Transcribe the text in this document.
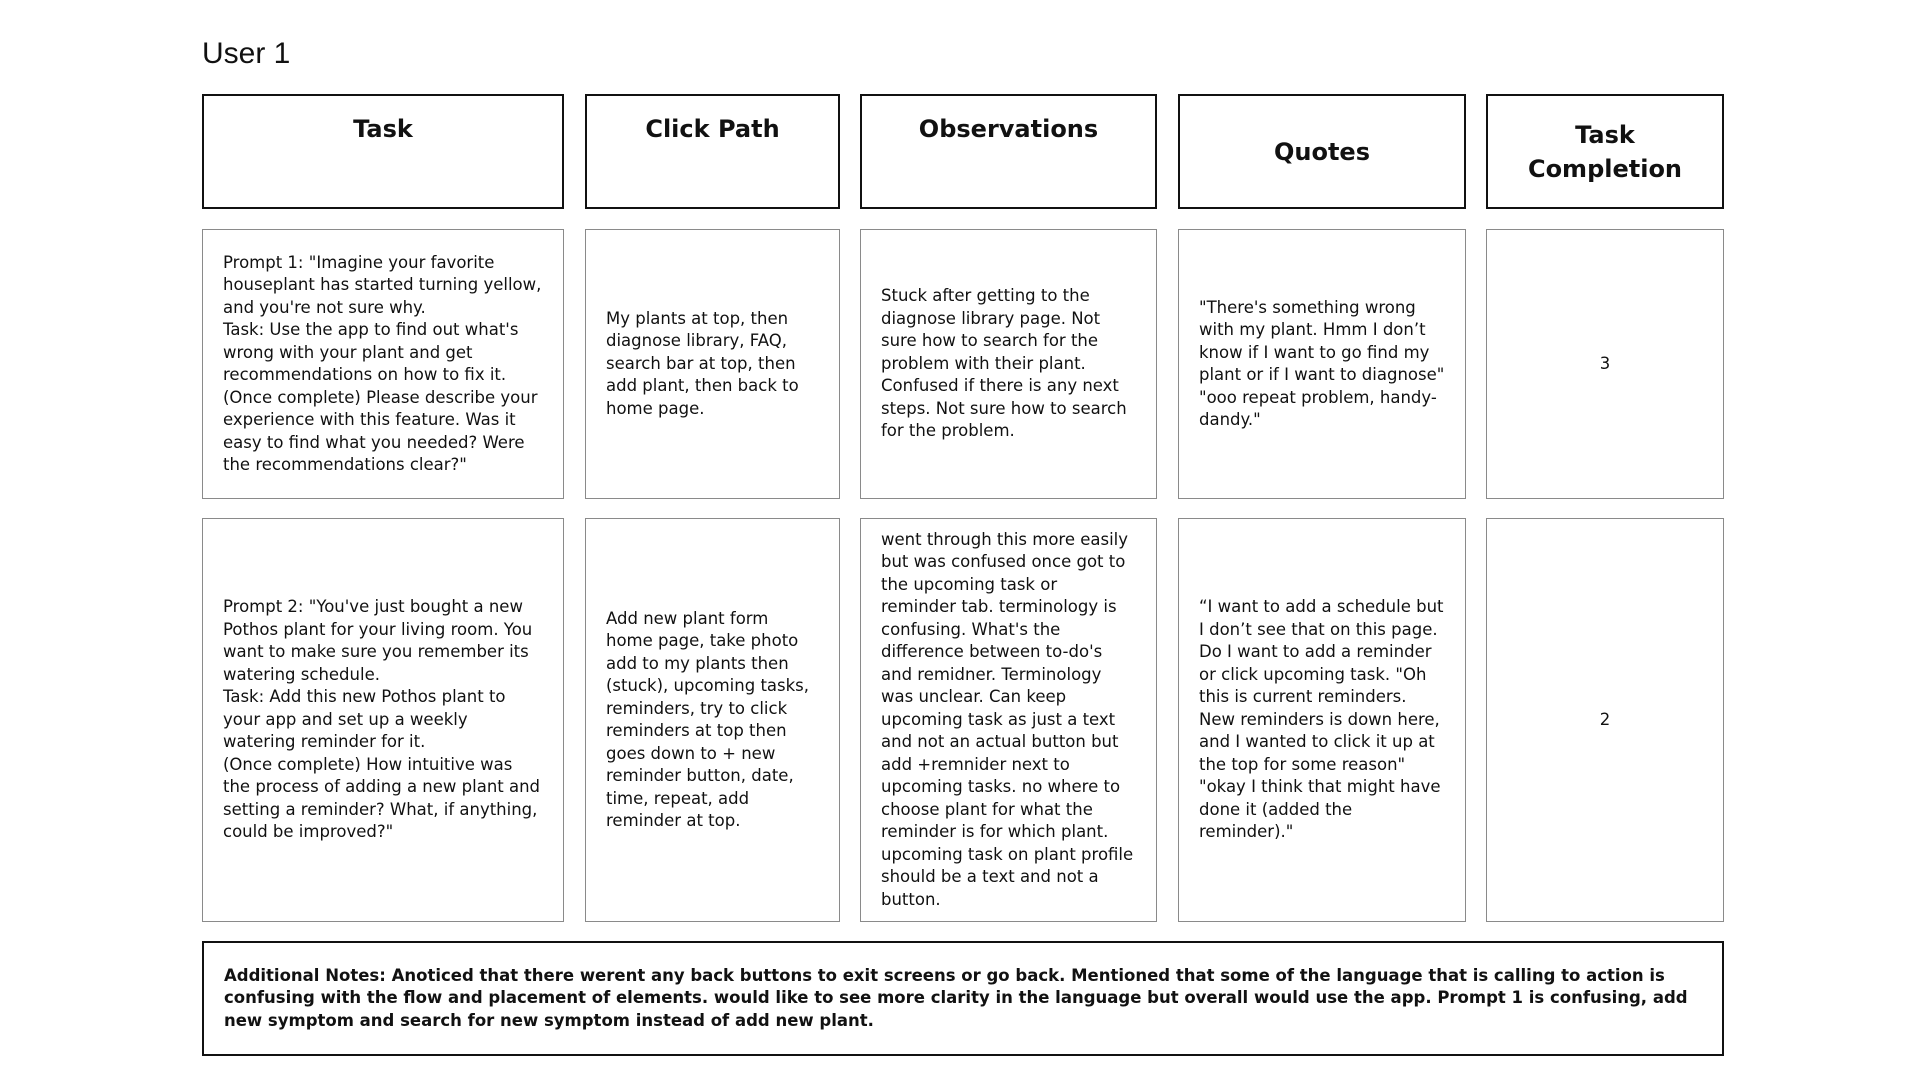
User 1
Task	Click Path	Observations
Quotes
Task
Completion
Prompt 1: "Imagine your favorite houseplant has started turning yellow, and you're not sure why.
Task: Use the app to find out what's wrong with your plant and get recommendations on how to fix it.
(Once complete) Please describe your experience with this feature. Was it easy to find what you needed? Were the recommendations clear?"
My plants at top, then diagnose library, FAQ, search bar at top, then add plant, then back to home page.
Stuck after getting to the diagnose library page. Not sure how to search for the problem with their plant. Confused if there is any next steps. Not sure how to search for the problem.
"There's something wrong with my plant. Hmm I don’t know if I want to go find my plant or if I want to diagnose" "ooo repeat problem, handy-dandy."
3
Prompt 2: "You've just bought a new Pothos plant for your living room. You want to make sure you remember its watering schedule.
Task: Add this new Pothos plant to your app and set up a weekly watering reminder for it.
(Once complete) How intuitive was the process of adding a new plant and setting a reminder? What, if anything, could be improved?"
Add new plant form home page, take photo add to my plants then (stuck), upcoming tasks, reminders, try to click reminders at top then goes down to + new reminder button, date, time, repeat, add reminder at top.
went through this more easily but was confused once got to the upcoming task or reminder tab. terminology is confusing. What's the difference between to-do's and remidner. Terminology was unclear. Can keep upcoming task as just a text and not an actual button but add +remnider next to upcoming tasks. no where to choose plant for what the reminder is for which plant. upcoming task on plant profile should be a text and not a button.
“I want to add a schedule but I don’t see that on this page. Do I want to add a reminder or click upcoming task. "Oh this is current reminders. New reminders is down here, and I wanted to click it up at the top for some reason" "okay I think that might have done it (added the reminder)."
2
Additional Notes: Anoticed that there werent any back buttons to exit screens or go back. Mentioned that some of the language that is calling to action is confusing with the flow and placement of elements. would like to see more clarity in the language but overall would use the app. Prompt 1 is confusing, add new symptom and search for new symptom instead of add new plant.
